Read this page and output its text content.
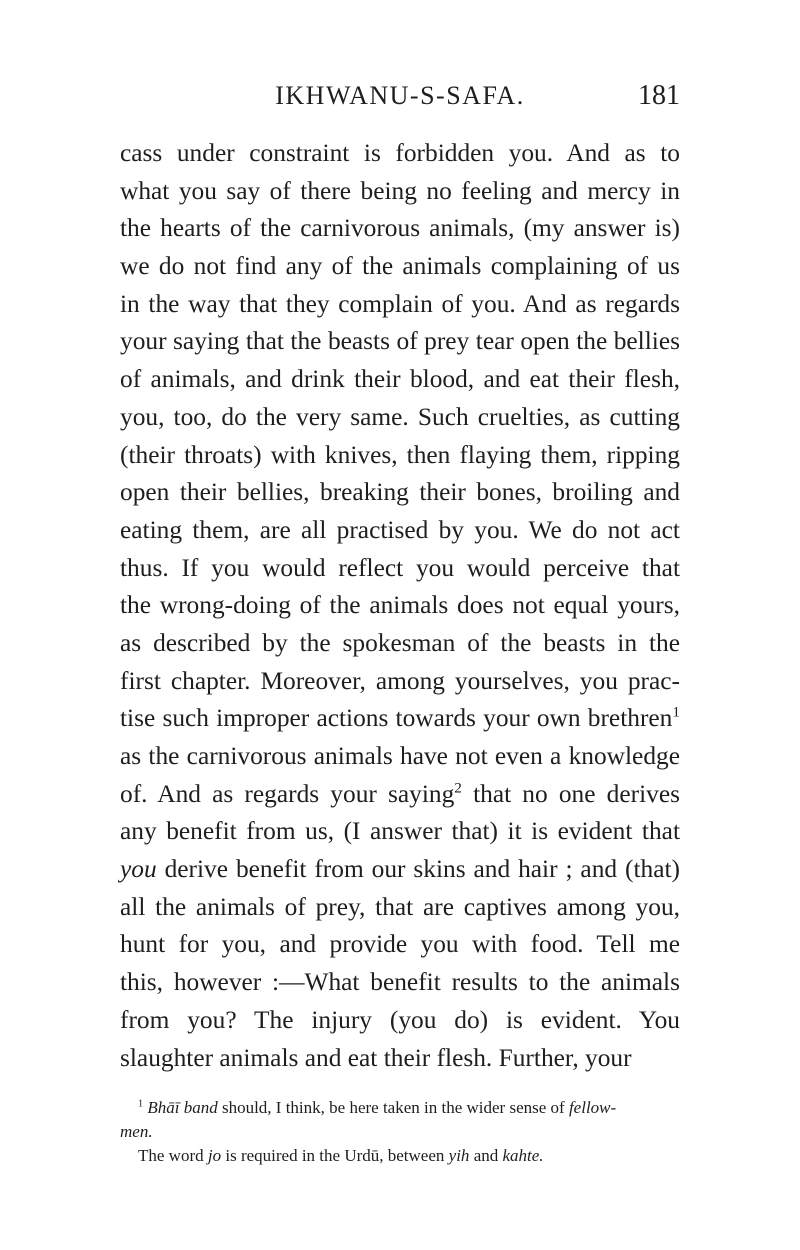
IKHWANU-S-SAFA.	181
cass under constraint is forbidden you. And as to
what you say of there being no feeling and mercy in
the hearts of the carnivorous animals, (my answer is)
we do not find any of the animals complaining of us
in the way that they complain of you. And as regards
your saying that the beasts of prey tear open the bellies
of animals, and drink their blood, and eat their flesh,
you, too, do the very same. Such cruelties, as cutting
(their throats) with knives, then flaying them, ripping
open their bellies, breaking their bones, broiling and
eating them, are all practised by you. We do not act
thus. If you would reflect you would perceive that
the wrong-doing of the animals does not equal yours,
as described by the spokesman of the beasts in the
first chapter. Moreover, among yourselves, you prac-
tise such improper actions towards your own brethren$^1$
as the carnivorous animals have not even a knowledge
of. And as regards your saying$^2$ that no one derives
any benefit from us, (I answer that) it is evident that
you derive benefit from our skins and hair ; and (that)
all the animals of prey, that are captives among you,
hunt for you, and provide you with food. Tell me
this, however :—What benefit results to the animals
from you? The injury (you do) is evident. You
slaughter animals and eat their flesh. Further, your
$^1$ Bhāī band should, I think, be here taken in the wider sense of fellow-
men.
The word jo is required in the Urdū, between yih and kahte.
